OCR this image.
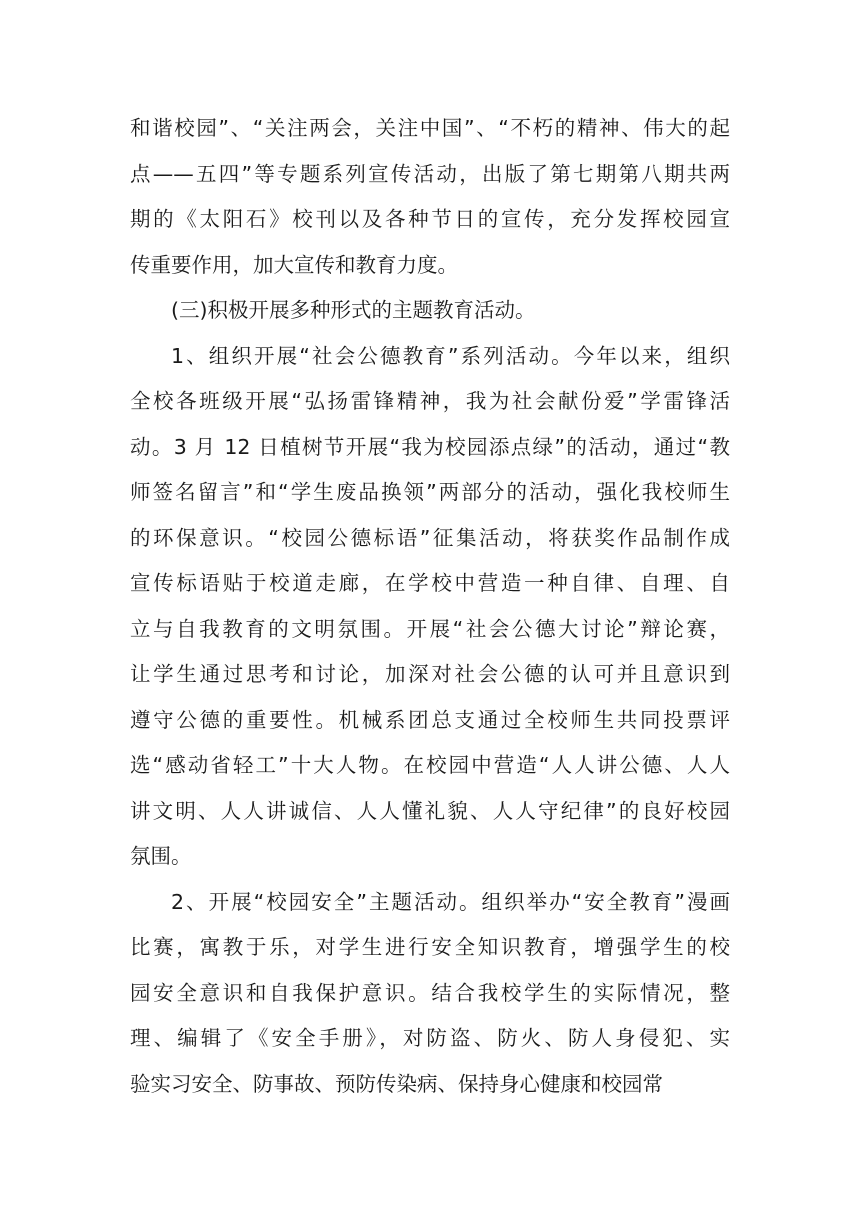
和谐校园”、“关注两会，关注中国”、“不朽的精神、伟大的起
点——五四”等专题系列宣传活动，出版了第七期第八期共两
期的《太阳石》校刊以及各种节日的宣传，充分发挥校园宣
传重要作用，加大宣传和教育力度。
(三)积极开展多种形式的主题教育活动。
1、组织开展“社会公德教育”系列活动。今年以来，组织
全校各班级开展“弘扬雷锋精神，我为社会献份爱”学雷锋活
动。3 月 12 日植树节开展“我为校园添点绿”的活动，通过“教
师签名留言”和“学生废品换领”两部分的活动，强化我校师生
的环保意识。“校园公德标语”征集活动，将获奖作品制作成
宣传标语贴于校道走廊，在学校中营造一种自律、自理、自
立与自我教育的文明氛围。开展“社会公德大讨论”辩论赛，
让学生通过思考和讨论，加深对社会公德的认可并且意识到
遵守公德的重要性。机械系团总支通过全校师生共同投票评
选“感动省轻工”十大人物。在校园中营造“人人讲公德、人人
讲文明、人人讲诚信、人人懂礼貌、人人守纪律”的良好校园
氛围。
2、开展“校园安全”主题活动。组织举办“安全教育”漫画
比赛，寓教于乐，对学生进行安全知识教育，增强学生的校
园安全意识和自我保护意识。结合我校学生的实际情况，整
理、编辑了《安全手册》，对防盗、防火、防人身侵犯、实
验实习安全、防事故、预防传染病、保持身心健康和校园常
